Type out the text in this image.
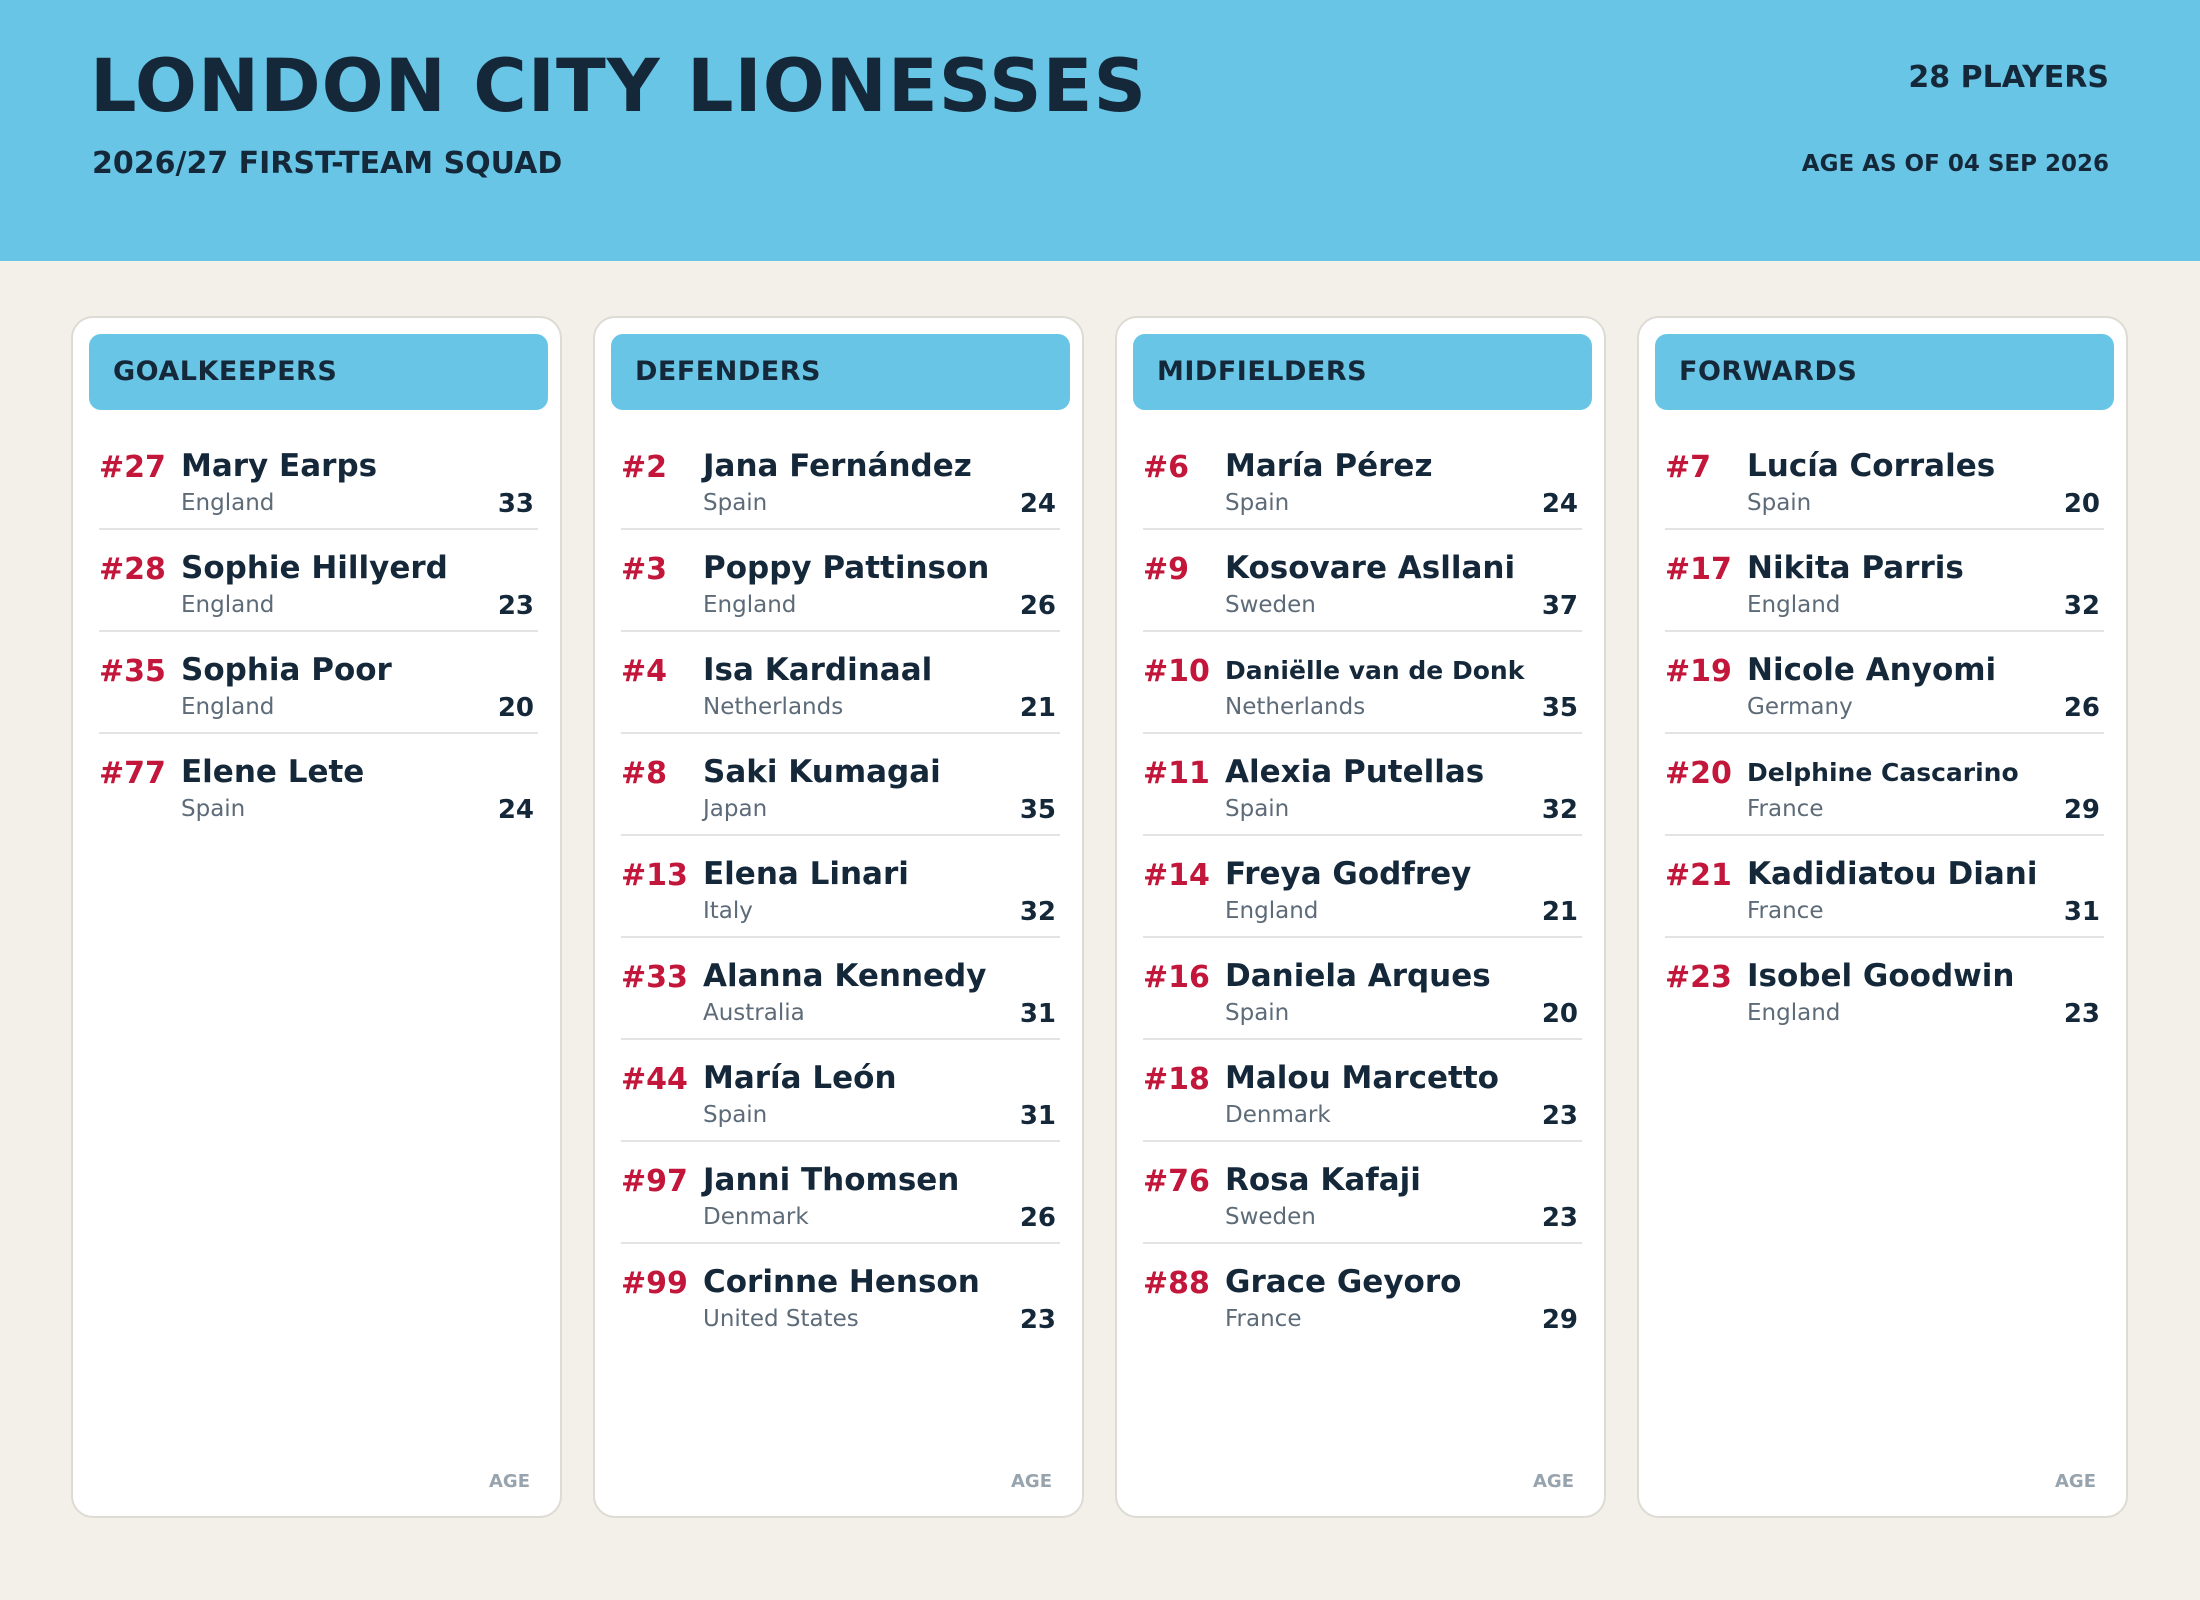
LONDON CITY LIONESSES
2026/27 FIRST-TEAM SQUAD
28 PLAYERS
AGE AS OF 04 SEP 2026
GOALKEEPERS
#27 Mary Earps
England	33
#28 Sophie Hillyerd
England	23
#35 Sophia Poor
England	20
#77 Elene Lete
Spain	24
AGE
DEFENDERS
#2 Jana Fernández
Spain	24
#3 Poppy Pattinson
England	26
#4 Isa Kardinaal
Netherlands	21
#8 Saki Kumagai
Japan	35
#13 Elena Linari
Italy	32
#33 Alanna Kennedy
Australia	31
#44 María León
Spain	31
#97 Janni Thomsen
Denmark	26
#99 Corinne Henson
United States	23
AGE
MIDFIELDERS
#6 María Pérez
Spain	24
#9 Kosovare Asllani
Sweden	37
#10 Daniëlle van de Donk
Netherlands	35
#11 Alexia Putellas
Spain	32
#14 Freya Godfrey
England	21
#16 Daniela Arques
Spain	20
#18 Malou Marcetto
Denmark	23
#76 Rosa Kafaji
Sweden	23
#88 Grace Geyoro
France	29
AGE
FORWARDS
#7 Lucía Corrales
Spain	20
#17 Nikita Parris
England	32
#19 Nicole Anyomi
Germany	26
#20 Delphine Cascarino
France	29
#21 Kadidiatou Diani
France	31
#23 Isobel Goodwin
England	23
AGE
